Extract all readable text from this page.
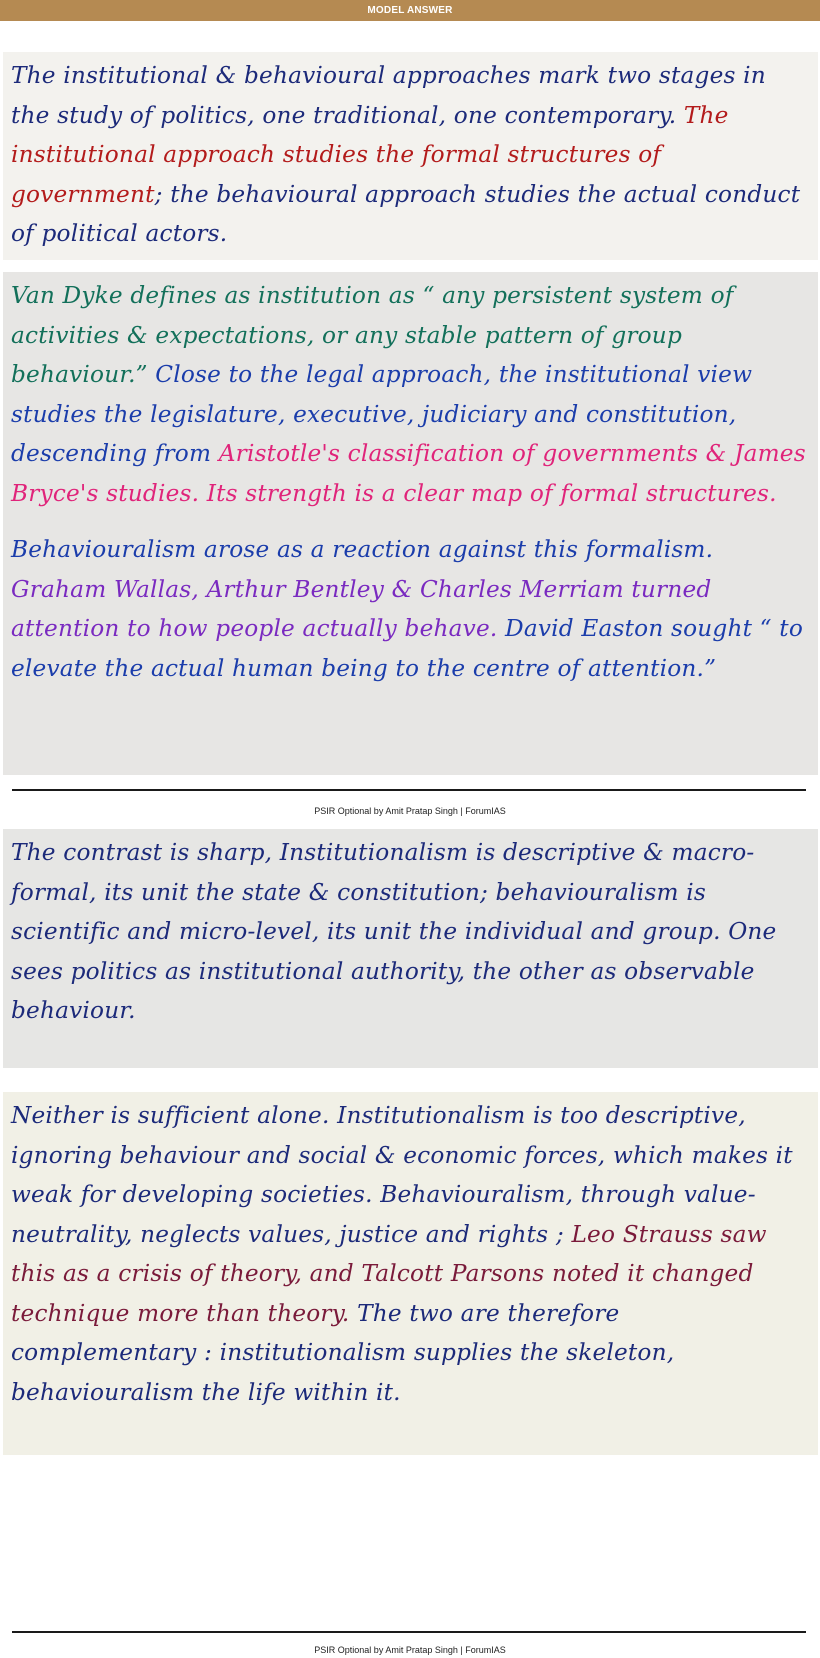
MODEL ANSWER

The institutional & behavioural approaches mark two stages in the study of politics, one traditional, one contemporary. The institutional approach studies the formal structures of government; the behavioural approach studies the actual conduct of political actors.

Van Dyke defines as institution as “ any persistent system of activities & expectations, or any stable pattern of group behaviour.” Close to the legal approach, the institutional view studies the legislature, executive, judiciary and constitution, descending from Aristotle's classification of governments & James Bryce's studies. Its strength is a clear map of formal structures.

Behaviouralism arose as a reaction against this formalism. Graham Wallas, Arthur Bentley & Charles Merriam turned attention to how people actually behave. David Easton sought “ to elevate the actual human being to the centre of attention.”

PSIR Optional by Amit Pratap Singh | ForumIAS

The contrast is sharp, Institutionalism is descriptive & macro-formal, its unit the state & constitution; behaviouralism is scientific and micro-level, its unit the individual and group. One sees politics as institutional authority, the other as observable behaviour.

Neither is sufficient alone. Institutionalism is too descriptive, ignoring behaviour and social & economic forces, which makes it weak for developing societies. Behaviouralism, through value-neutrality, neglects values, justice and rights ; Leo Strauss saw this as a crisis of theory, and Talcott Parsons noted it changed technique more than theory. The two are therefore complementary : institutionalism supplies the skeleton, behaviouralism the life within it.

PSIR Optional by Amit Pratap Singh | ForumIAS
